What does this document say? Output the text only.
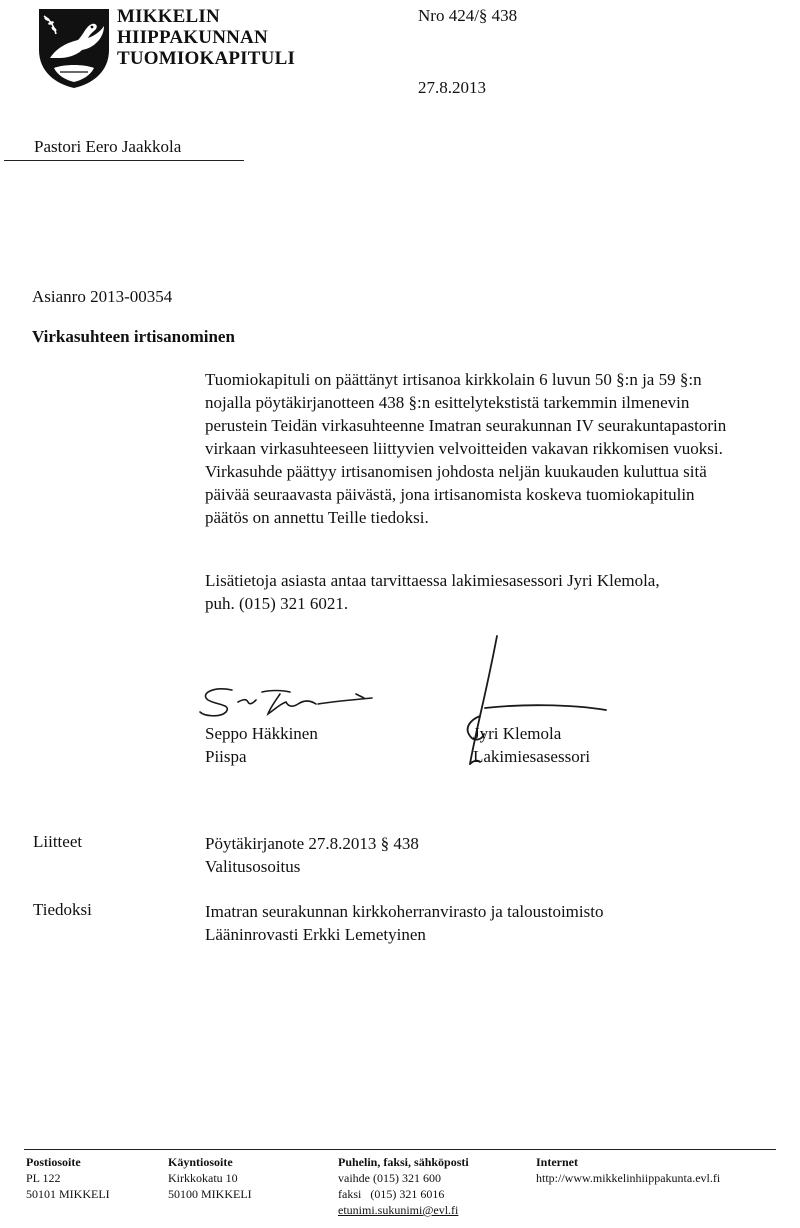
MIKKELIN
HIIPPAKUNNAN
TUOMIOKAPITULI
Nro 424/§ 438
27.8.2013
Pastori Eero Jaakkola
Asianro 2013-00354
Virkasuhteen irtisanominen
Tuomiokapituli on päättänyt irtisanoa kirkkolain 6 luvun 50 §:n ja 59 §:n
nojalla pöytäkirjanotteen 438 §:n esittelytekstistä tarkemmin ilmenevin
perustein Teidän virkasuhteenne Imatran seurakunnan IV seurakuntapastorin
virkaan virkasuhteeseen liittyvien velvoitteiden vakavan rikkomisen vuoksi.
Virkasuhde päättyy irtisanomisen johdosta neljän kuukauden kuluttua sitä
päivää seuraavasta päivästä, jona irtisanomista koskeva tuomiokapitulin
päätös on annettu Teille tiedoksi.
Lisätietoja asiasta antaa tarvittaessa lakimiesasessori Jyri Klemola,
puh. (015) 321 6021.
Seppo Häkkinen
Piispa
Jyri Klemola
Lakimiesasessori
Liitteet	Pöytäkirjanote 27.8.2013 § 438
Valitusosoitus
Tiedoksi	Imatran seurakunnan kirkkoherranvirasto ja taloustoimisto
Lääninrovasti Erkki Lemetyinen
Postiosoite
PL 122
50101 MIKKELI
Käyntiosoite
Kirkkokatu 10
50100 MIKKELI
Puhelin, faksi, sähköposti
vaihde (015) 321 600
faksi   (015) 321 6016
etunimi.sukunimi@evl.fi
Internet
http://www.mikkelinhiippakunta.evl.fi
